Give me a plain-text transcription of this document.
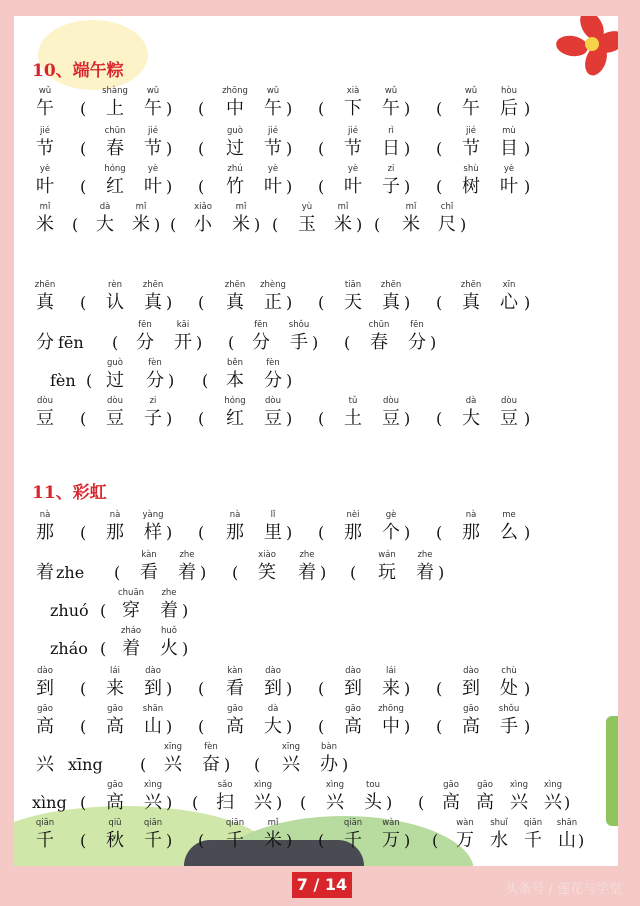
10、端午粽
wǔ
午 (
shàng
上
wǔ
午 ) (
zhōng
中
wǔ
午 ) (
xià
下
wǔ
午 ) (
wǔ
午
hòu
后 )
jié
节 (
chūn
春
jié
节 ) (
guò
过
jié
节 ) (
jié
节
rì
日 ) (
jié
节
mù
目 )
yè
叶 (
hóng
红
yè
叶 ) (
zhú
竹
yè
叶 ) (
yè
叶
zi
子 ) (
shù
树
yè
叶 )
mǐ
米 (
dà
大
mǐ
米 ) (
xiǎo
小
mǐ
米 ) (
yù
玉
mǐ
米 ) (
mǐ
米
chǐ
尺 )
zhēn
真 (
rèn
认
zhēn
真 ) (
zhēn
真
zhèng
正 ) (
tiān
天
zhēn
真 ) (
zhēn
真
xīn
心 )
分 fēn (
fēn
分
kāi
开 ) (
fēn
分
shǒu
手 ) (
chūn
春
fēn
分 )
fèn (
guò
过
fèn
分 ) (
běn
本
fèn
分 )
dòu
豆 (
dòu
豆
zi
子 ) (
hóng
红
dòu
豆 ) (
tǔ
土
dòu
豆 ) (
dà
大
dòu
豆 )
11、彩虹
nà
那 (
nà
那
yàng
样 ) (
nà
那
lǐ
里 ) (
nèi
那
gè
个 ) (
nà
那
me
么 )
着 zhe (
kàn
看
zhe
着 ) (
xiào
笑
zhe
着 ) (
wán
玩
zhe
着 )
zhuó (
chuān
穿
zhe
着 )
zháo (
zháo
着
huǒ
火 )
dào
到 (
lái
来
dào
到 ) (
kàn
看
dào
到 ) (
dào
到
lái
来 ) (
dào
到
chù
处 )
gāo
高 (
gāo
高
shān
山 ) (
gāo
高
dà
大 ) (
gāo
高
zhōng
中 ) (
gāo
高
shǒu
手 )
兴 xīng (
xīng
兴
fèn
奋 ) (
xīng
兴
bàn
办 )
xìng (
gāo
高
xìng
兴 ) (
sǎo
扫
xìng
兴 ) (
xìng
兴
tou
头 ) (
gāo
高
gāo
高
xìng
兴
xìng
兴 )
qiān
千 (
qiū
秋
qiān
千 ) (
qiān
千
mǐ
米 ) (
qiān
千
wàn
万 ) (
wàn
万
shuǐ
水
qiān
千
shān
山 )
7 / 14	头条号 / 莲花与学堂
